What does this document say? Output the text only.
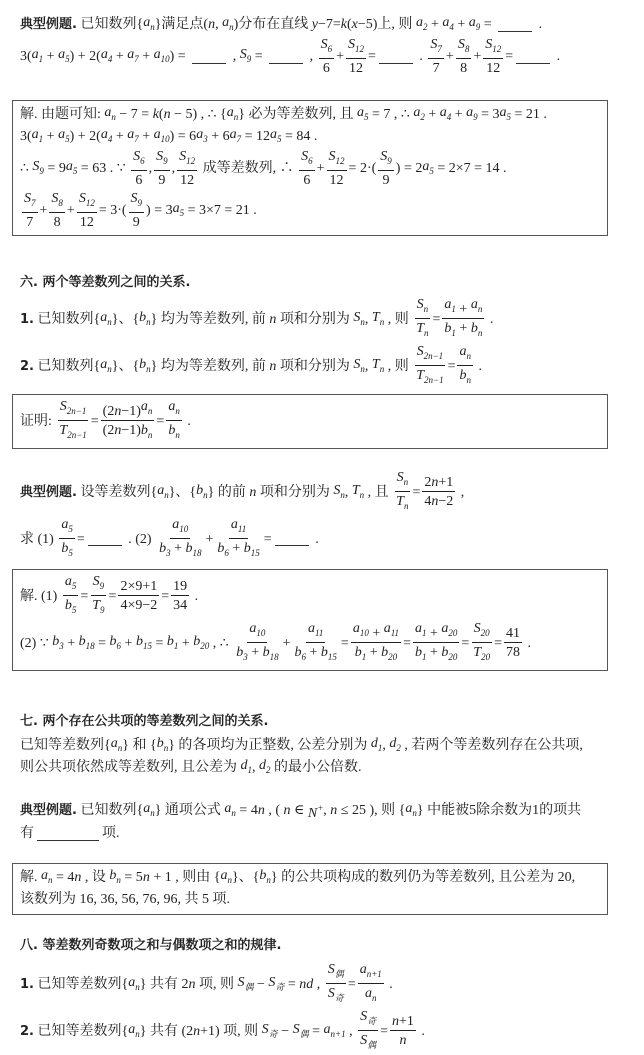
典型例题. 已知数列{ $a_n$ }满足点( n , $a_n$ )分布在直线 y −7= k ( x −5)上, 则 $a_2 + a_4 + a_9$ =	.
3( $a_1 + a_5$ ) + 2( $a_4 + a_7 + a_{10}$ ) =	, $S_9$ =	, $\frac{S_6}{6} + \frac{S_{12}}{12}$ =	. $\frac{S_7}{7} + \frac{S_8}{8} + \frac{S_{12}}{12}$ =	.
解. 由题可知: $a_n - 7 = k$ ( n − 5) , ∴ { $a_n$ } 必为等差数列, 且 $a_5 = 7$ , ∴ $a_2 + a_4 + a_9 = 3$ $a_5 = 21$ .
3( $a_1 + a_5$ ) + 2( $a_4 + a_7 + a_{10}$ ) = 6 $a_3 + 6$ $a_7 = 12$ $a_5 = 84$ .
∴ $S_9 = 9$ $a_5 = 63$ . ∵ $\frac{S_6}{6}$ , $\frac{S_9}{9}$ , $\frac{S_{12}}{12}$ 成等差数列, ∴ $\frac{S_6}{6} + \frac{S_{12}}{12} = 2\cdot( \frac{S_9}{9}$ ) = 2 $a_5 = 2\times 7 = 14$ .
$\frac{S_7}{7} + \frac{S_8}{8} + \frac{S_{12}}{12} = 3\cdot( \frac{S_9}{9}$ ) = 3 $a_5 = 3\times 7 = 21$ .
六. 两个等差数列之间的关系.
1. 已知数列{ $a_n$ }、{ $b_n$ } 均为等差数列, 前 n 项和分别为 $S_n$ , $T_n$ , 则 $\frac{S_n}{T_n} = \frac{a_1 + a_n}{b_1 + b_n}$ .
2. 已知数列{ $a_n$ }、{ $b_n$ } 均为等差数列, 前 n 项和分别为 $S_n$ , $T_n$ , 则 $\frac{S_{2n-1}}{T_{2n-1}} = \frac{a_n}{b_n}$ .
证明: $\frac{S_{2n-1}}{T_{2n-1}} = \frac{(2 n -1) a_n}{(2 n -1) b_n} = \frac{a_n}{b_n}$ .
典型例题. 设等差数列{ $a_n$ }、{ $b_n$ } 的前 n 项和分别为 $S_n$ , $T_n$ , 且 $\frac{S_n}{T_n} = \frac{2 n +1}{4 n -2}$ ,
求 $(1) \frac{a_5}{b_5}$ =	. $(2) \frac{a_{10}}{b_3 + b_{18}} + \frac{a_{11}}{b_6 + b_{15}}$ =	.
解. $(1) \frac{a_5}{b_5} = \frac{S_9}{T_9} = \frac{2\times 9+1}{4\times 9-2} = \frac{19}{34}$ .
(2) ∵ $b_3 + b_{18} = b_6 + b_{15} = b_1 + b_{20}$ , ∴ $\frac{a_{10}}{b_3 + b_{18}} + \frac{a_{11}}{b_6 + b_{15}} = \frac{a_{10} + a_{11}}{b_1 + b_{20}} = \frac{a_1 + a_{20}}{b_1 + b_{20}} = \frac{S_{20}}{T_{20}} = \frac{41}{78}$ .
七. 两个存在公共项的等差数列之间的关系.
已知等差数列{ $a_n$ } 和 { $b_n$ } 的各项均为正整数, 公差分别为 $d_1$ , $d_2$ , 若两个等差数列存在公共项,
则公共项依然成等差数列, 且公差为 $d_1$ , $d_2$ 的最小公倍数.
典型例题. 已知数列{ $a_n$ } 通项公式 $a_n = 4$ n , ( n ∈ N+ , n ≤ 25 ), 则 { $a_n$ } 中能被5除余数为1的项共
有	项.
解. $a_n = 4$ n , 设 $b_n = 5$ n + 1 , 则由 { $a_n$ }、{ $b_n$ } 的公共项构成的数列仍为等差数列, 且公差为 20,
该数列为 16, 36, 56, 76, 96, 共 5 项.
八. 等差数列奇数项之和与偶数项之和的规律.
1. 已知等差数列{ $a_n$ } 共有 2 n 项, 则 $S_偶 - S_奇$ = nd , $\frac{S_偶}{S_奇} = \frac{a_{n+1}}{a_n}$ .
2. 已知等差数列{ $a_n$ } 共有 (2 n +1) 项, 则 $S_奇 - S_偶 = a_{n+1}$ , $\frac{S_奇}{S_偶} = \frac{n +1}{n}$ .
